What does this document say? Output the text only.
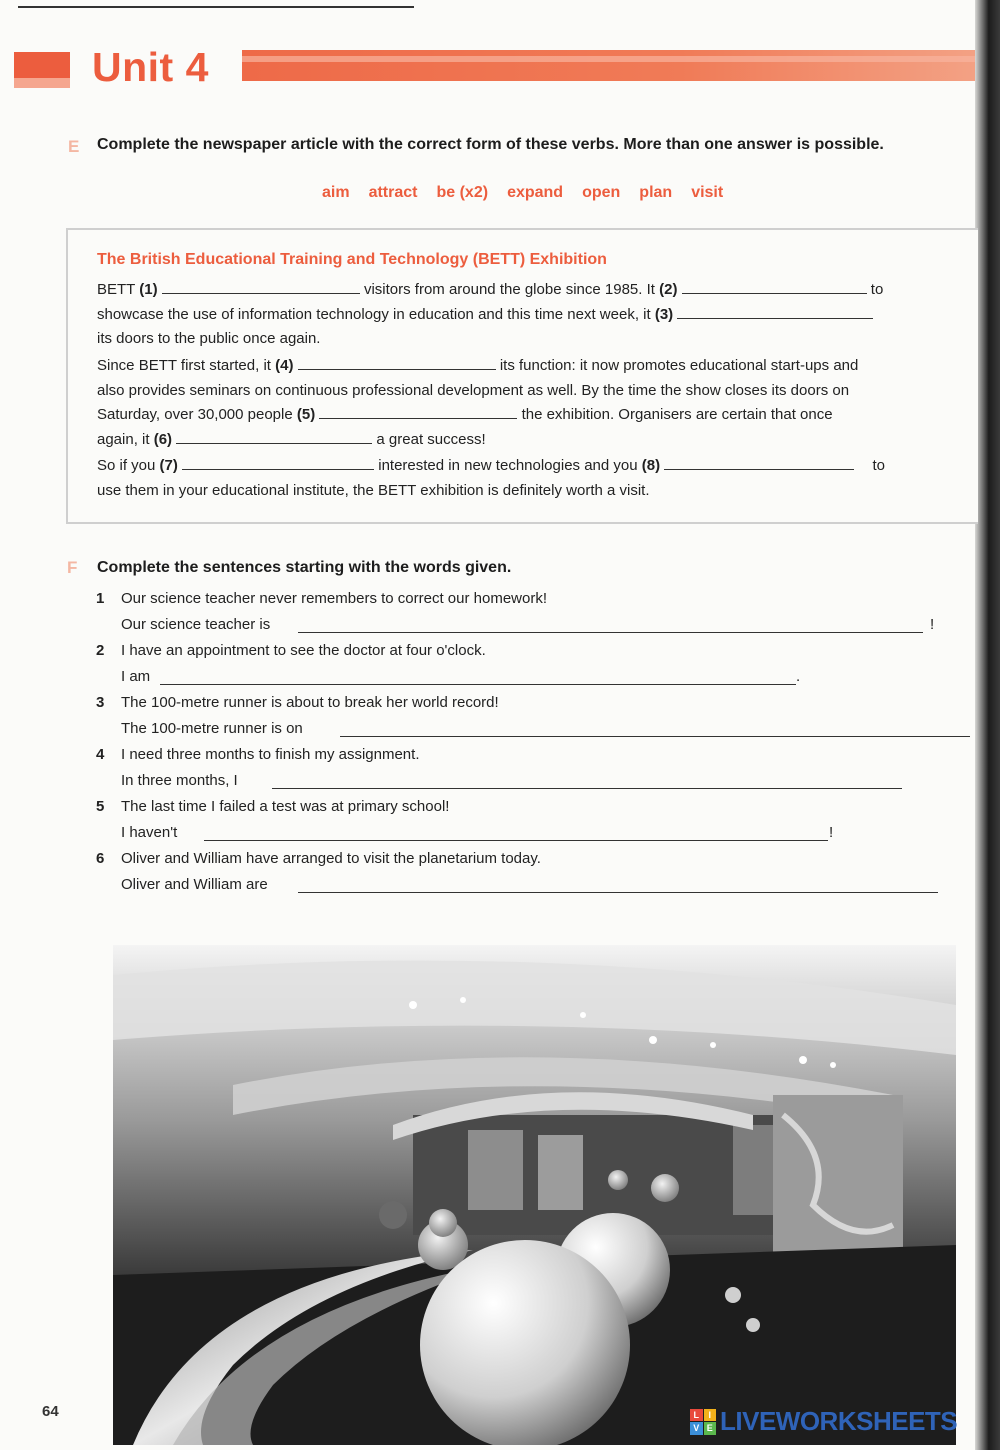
Unit 4
E Complete the newspaper article with the correct form of these verbs. More than one answer is possible.
aim attract be (x2) expand open plan visit
The British Educational Training and Technology (BETT) Exhibition
BETT (1)	visitors from around the globe since 1985. It (2)	to
showcase the use of information technology in education and this time next week, it (3)
its doors to the public once again.
Since BETT first started, it (4)	its function: it now promotes educational start-ups and
also provides seminars on continuous professional development as well. By the time the show closes its doors on
Saturday, over 30,000 people (5)	the exhibition. Organisers are certain that once
again, it (6)	a great success!
So if you (7)	interested in new technologies and you (8)	to
use them in your educational institute, the BETT exhibition is definitely worth a visit.
F Complete the sentences starting with the words given.
1 Our science teacher never remembers to correct our homework!
Our science teacher is	!
2 I have an appointment to see the doctor at four o'clock.
I am	.
3 The 100-metre runner is about to break her world record!
The 100-metre runner is on
4 I need three months to finish my assignment.
In three months, I
5 The last time I failed a test was at primary school!
I haven't	!
6 Oliver and William have arranged to visit the planetarium today.
Oliver and William are
64	L	I
V E LIVEWORKSHEETS
